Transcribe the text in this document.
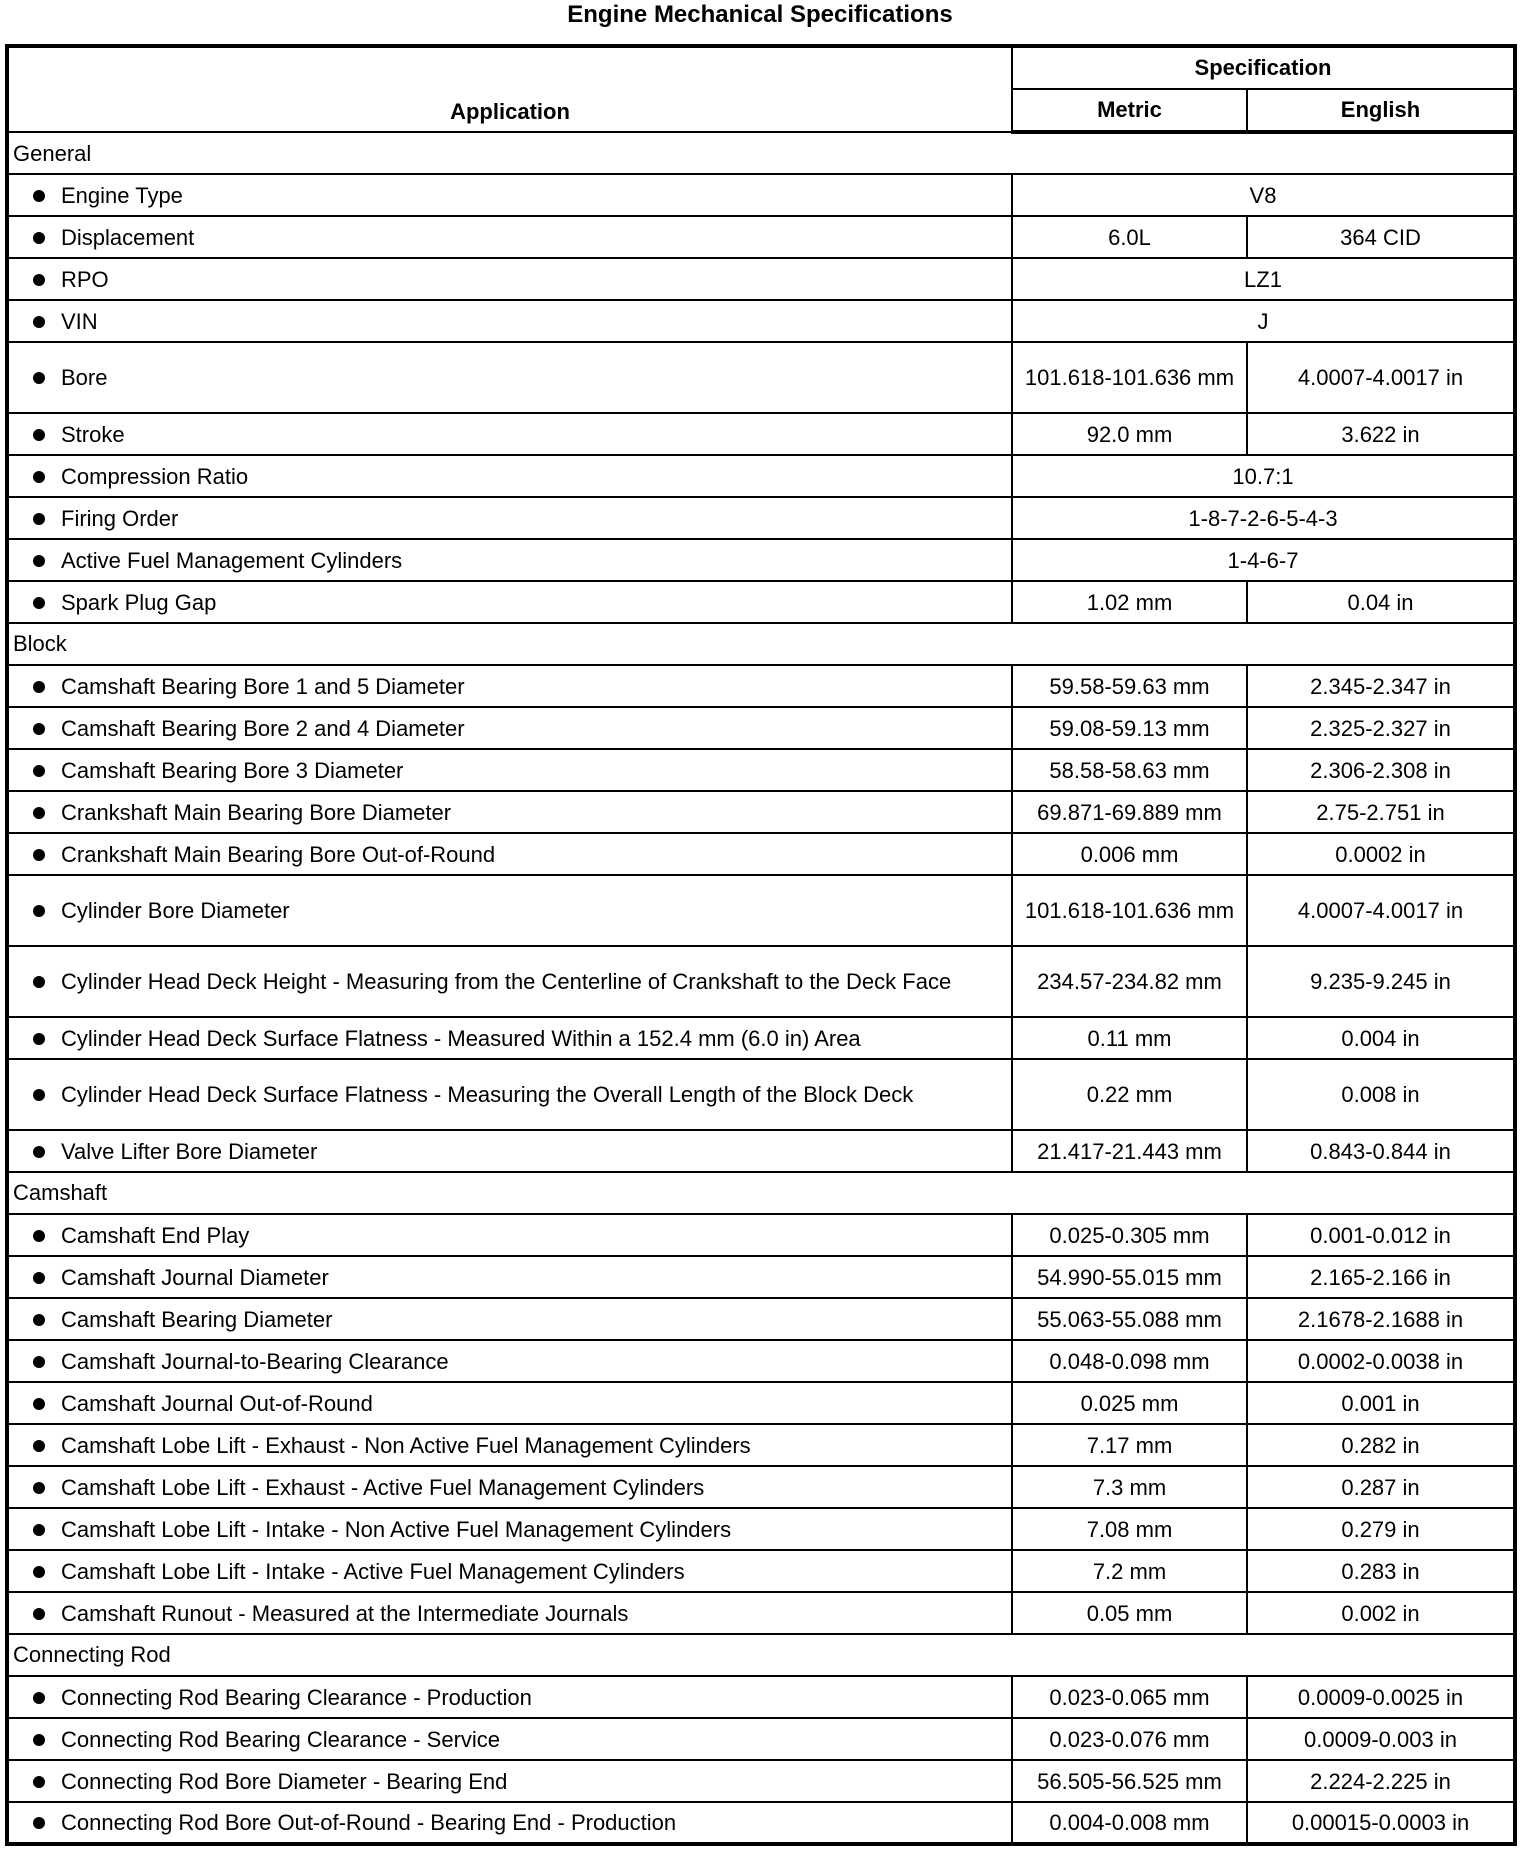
Engine Mechanical Specifications
Application	Specification	
	Metric	English
General		

Engine Type	V8	

Displacement	6.0L	364 CID

RPO	LZ1	

VIN	J	

Bore	101.618-101.636 mm	4.0007-4.0017 in

Stroke	92.0 mm	3.622 in

Compression Ratio	10.7:1	

Firing Order	1-8-7-2-6-5-4-3	

Active Fuel Management Cylinders	1-4-6-7	

Spark Plug Gap	1.02 mm	0.04 in
Block		

Camshaft Bearing Bore 1 and 5 Diameter	59.58-59.63 mm	2.345-2.347 in

Camshaft Bearing Bore 2 and 4 Diameter	59.08-59.13 mm	2.325-2.327 in

Camshaft Bearing Bore 3 Diameter	58.58-58.63 mm	2.306-2.308 in

Crankshaft Main Bearing Bore Diameter	69.871-69.889 mm	2.75-2.751 in

Crankshaft Main Bearing Bore Out-of-Round	0.006 mm	0.0002 in

Cylinder Bore Diameter	101.618-101.636 mm	4.0007-4.0017 in

Cylinder Head Deck Height - Measuring from the Centerline of Crankshaft to the Deck Face	234.57-234.82 mm	9.235-9.245 in

Cylinder Head Deck Surface Flatness - Measured Within a 152.4 mm (6.0 in) Area	0.11 mm	0.004 in

Cylinder Head Deck Surface Flatness - Measuring the Overall Length of the Block Deck	0.22 mm	0.008 in

Valve Lifter Bore Diameter	21.417-21.443 mm	0.843-0.844 in
Camshaft		

Camshaft End Play	0.025-0.305 mm	0.001-0.012 in

Camshaft Journal Diameter	54.990-55.015 mm	2.165-2.166 in

Camshaft Bearing Diameter	55.063-55.088 mm	2.1678-2.1688 in

Camshaft Journal-to-Bearing Clearance	0.048-0.098 mm	0.0002-0.0038 in

Camshaft Journal Out-of-Round	0.025 mm	0.001 in

Camshaft Lobe Lift - Exhaust - Non Active Fuel Management Cylinders	7.17 mm	0.282 in

Camshaft Lobe Lift - Exhaust - Active Fuel Management Cylinders	7.3 mm	0.287 in

Camshaft Lobe Lift - Intake - Non Active Fuel Management Cylinders	7.08 mm	0.279 in

Camshaft Lobe Lift - Intake - Active Fuel Management Cylinders	7.2 mm	0.283 in

Camshaft Runout - Measured at the Intermediate Journals	0.05 mm	0.002 in
Connecting Rod		

Connecting Rod Bearing Clearance - Production	0.023-0.065 mm	0.0009-0.0025 in

Connecting Rod Bearing Clearance - Service	0.023-0.076 mm	0.0009-0.003 in

Connecting Rod Bore Diameter - Bearing End	56.505-56.525 mm	2.224-2.225 in

Connecting Rod Bore Out-of-Round - Bearing End - Production	0.004-0.008 mm	0.00015-0.0003 in
